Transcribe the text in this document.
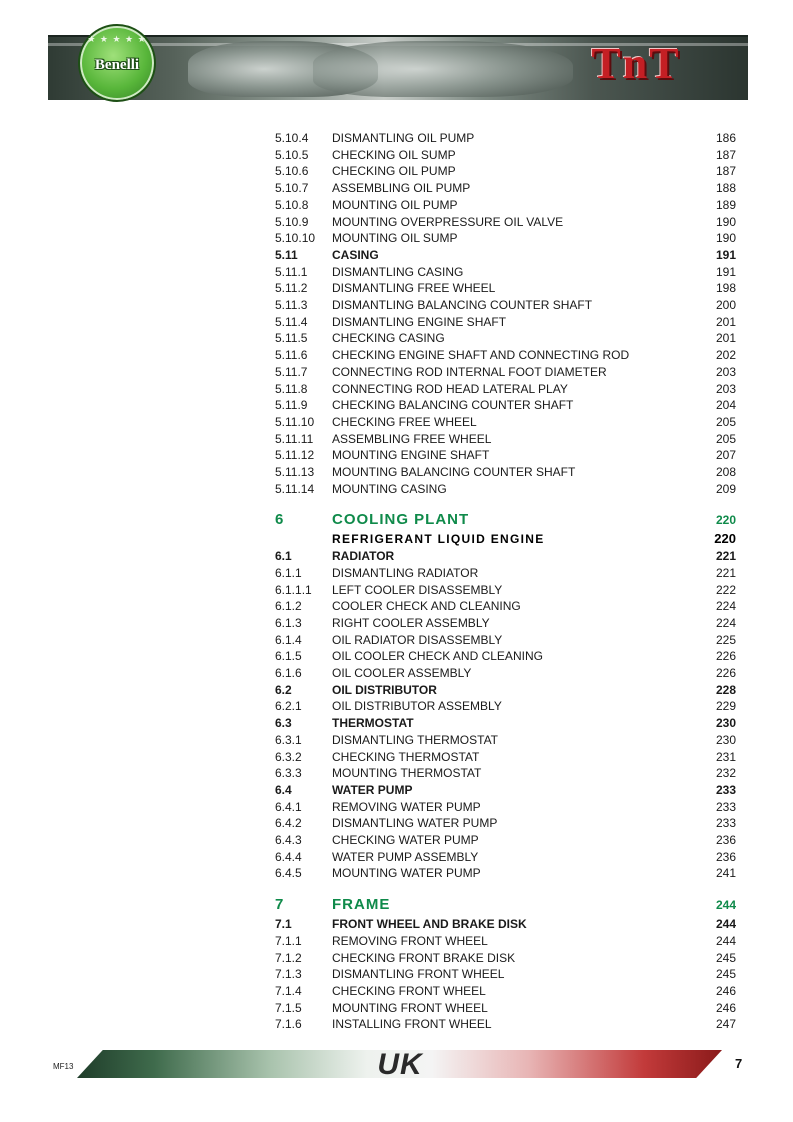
★ ★ ★ ★ ★
Benelli	TnT
5.10.4 DISMANTLING OIL PUMP	186
5.10.5 CHECKING OIL SUMP	187
5.10.6 CHECKING OIL PUMP	187
5.10.7 ASSEMBLING OIL PUMP	188
5.10.8 MOUNTING OIL PUMP	189
5.10.9 MOUNTING OVERPRESSURE OIL VALVE	190
5.10.10 MOUNTING OIL SUMP	190
5.11	CASING	191
5.11.1 DISMANTLING CASING	191
5.11.2 DISMANTLING FREE WHEEL	198
5.11.3 DISMANTLING BALANCING COUNTER SHAFT	200
5.11.4 DISMANTLING ENGINE SHAFT	201
5.11.5 CHECKING CASING	201
5.11.6 CHECKING ENGINE SHAFT AND CONNECTING ROD	202
5.11.7 CONNECTING ROD INTERNAL FOOT DIAMETER	203
5.11.8 CONNECTING ROD HEAD LATERAL PLAY	203
5.11.9 CHECKING BALANCING COUNTER SHAFT	204
5.11.10 CHECKING FREE WHEEL	205
5.11.11 ASSEMBLING FREE WHEEL	205
5.11.12 MOUNTING ENGINE SHAFT	207
5.11.13 MOUNTING BALANCING COUNTER SHAFT	208
5.11.14 MOUNTING CASING	209
6	COOLING PLANT	220
REFRIGERANT LIQUID ENGINE	220
6.1	RADIATOR	221
6.1.1	DISMANTLING RADIATOR	221
6.1.1.1 LEFT COOLER DISASSEMBLY	222
6.1.2	COOLER CHECK AND CLEANING	224
6.1.3	RIGHT COOLER ASSEMBLY	224
6.1.4	OIL RADIATOR DISASSEMBLY	225
6.1.5	OIL COOLER CHECK AND CLEANING	226
6.1.6	OIL COOLER ASSEMBLY	226
6.2	OIL DISTRIBUTOR	228
6.2.1	OIL DISTRIBUTOR ASSEMBLY	229
6.3	THERMOSTAT	230
6.3.1	DISMANTLING THERMOSTAT	230
6.3.2	CHECKING THERMOSTAT	231
6.3.3	MOUNTING THERMOSTAT	232
6.4	WATER PUMP	233
6.4.1	REMOVING WATER PUMP	233
6.4.2	DISMANTLING WATER PUMP	233
6.4.3	CHECKING WATER PUMP	236
6.4.4	WATER PUMP ASSEMBLY	236
6.4.5	MOUNTING WATER PUMP	241
7	FRAME	244
7.1	FRONT WHEEL AND BRAKE DISK	244
7.1.1	REMOVING FRONT WHEEL	244
7.1.2	CHECKING FRONT BRAKE DISK	245
7.1.3	DISMANTLING FRONT WHEEL	245
7.1.4	CHECKING FRONT WHEEL	246
7.1.5	MOUNTING FRONT WHEEL	246
7.1.6	INSTALLING FRONT WHEEL	247
MF13	UK	7
